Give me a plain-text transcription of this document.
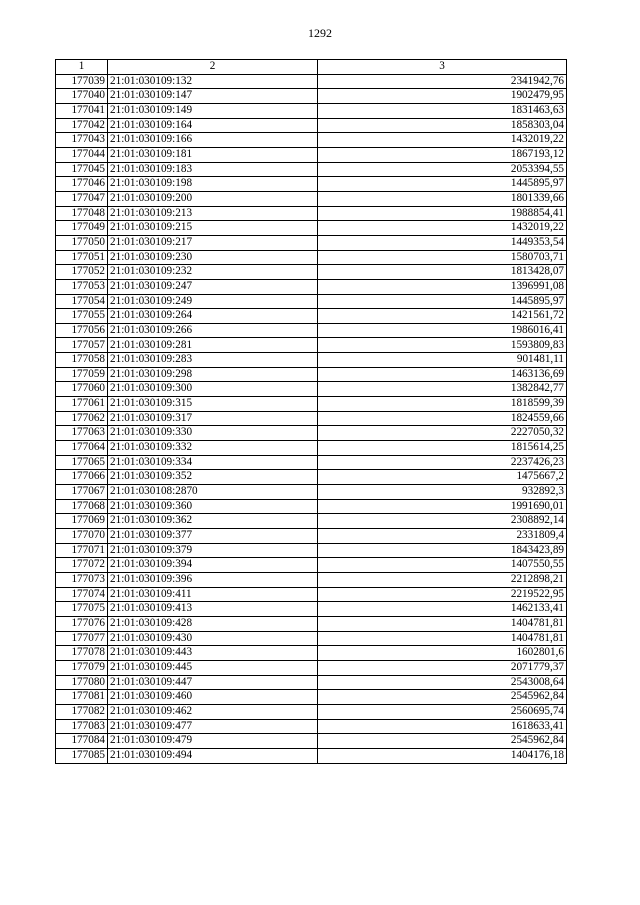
1292
1	2	3
177039	21:01:030109:132	2341942,76
177040	21:01:030109:147	1902479,95
177041	21:01:030109:149	1831463,63
177042	21:01:030109:164	1858303,04
177043	21:01:030109:166	1432019,22
177044	21:01:030109:181	1867193,12
177045	21:01:030109:183	2053394,55
177046	21:01:030109:198	1445895,97
177047	21:01:030109:200	1801339,66
177048	21:01:030109:213	1988854,41
177049	21:01:030109:215	1432019,22
177050	21:01:030109:217	1449353,54
177051	21:01:030109:230	1580703,71
177052	21:01:030109:232	1813428,07
177053	21:01:030109:247	1396991,08
177054	21:01:030109:249	1445895,97
177055	21:01:030109:264	1421561,72
177056	21:01:030109:266	1986016,41
177057	21:01:030109:281	1593809,83
177058	21:01:030109:283	901481,11
177059	21:01:030109:298	1463136,69
177060	21:01:030109:300	1382842,77
177061	21:01:030109:315	1818599,39
177062	21:01:030109:317	1824559,66
177063	21:01:030109:330	2227050,32
177064	21:01:030109:332	1815614,25
177065	21:01:030109:334	2237426,23
177066	21:01:030109:352	1475667,2
177067	21:01:030108:2870	932892,3
177068	21:01:030109:360	1991690,01
177069	21:01:030109:362	2308892,14
177070	21:01:030109:377	2331809,4
177071	21:01:030109:379	1843423,89
177072	21:01:030109:394	1407550,55
177073	21:01:030109:396	2212898,21
177074	21:01:030109:411	2219522,95
177075	21:01:030109:413	1462133,41
177076	21:01:030109:428	1404781,81
177077	21:01:030109:430	1404781,81
177078	21:01:030109:443	1602801,6
177079	21:01:030109:445	2071779,37
177080	21:01:030109:447	2543008,64
177081	21:01:030109:460	2545962,84
177082	21:01:030109:462	2560695,74
177083	21:01:030109:477	1618633,41
177084	21:01:030109:479	2545962,84
177085	21:01:030109:494	1404176,18
